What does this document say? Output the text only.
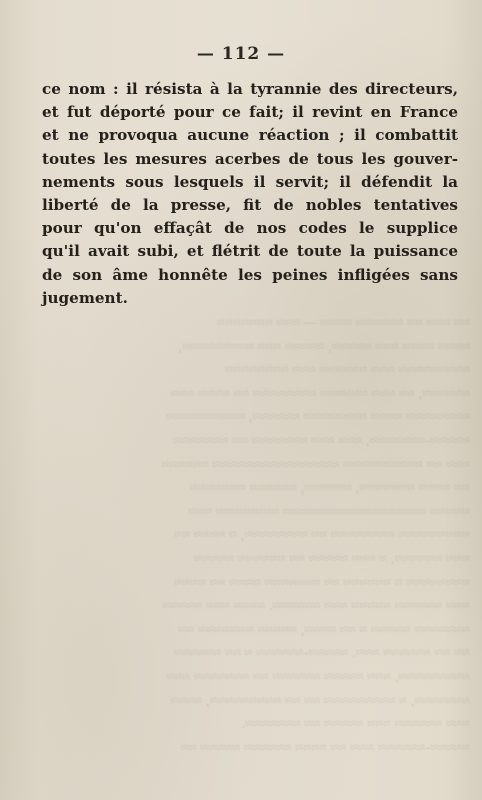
≈≈ ≈≈≈ ≈≈ ≈≈≈≈≈≈ ≈≈≈≈ — ≈≈≈ ≈≈≈≈≈≈≈
≈≈≈≈ ≈≈≈≈ ≈≈≈ ≈≈≈≈≈, ≈≈≈≈≈ ≈≈≈ ≈≈≈≈≈≈≈≈≈,
≈≈≈≈≈≈≈≈≈ ≈≈≈ ≈≈≈≈≈≈ ≈≈≈ ≈≈≈≈≈≈≈≈
≈≈≈≈≈≈, ≈≈ ≈≈≈ ≈≈≈≈≈≈ ≈≈≈≈≈≈≈≈ ≈≈ ≈≈≈≈ ≈≈≈
≈≈≈≈≈≈≈≈ ≈≈≈≈ ≈≈≈≈≈≈≈≈ ≈≈≈≈≈≈, ≈≈≈≈≈≈≈≈≈≈
≈≈≈≈≈-≈≈≈≈≈≈≈, ≈≈≈ ≈≈≈ ≈≈≈≈≈≈≈ ≈≈ ≈≈≈≈≈≈≈
≈≈≈ ≈≈ ≈≈≈≈≈≈≈≈≈≈ ≈≈≈≈≈≈≈≈≈≈≈≈≈≈≈≈ ≈≈≈≈≈≈
≈≈ ≈≈≈≈ ≈≈≈≈≈≈≈, ≈≈≈≈≈≈, ≈≈≈≈≈≈ ≈≈≈≈≈≈≈
≈≈≈≈≈ ≈≈≈≈≈≈≈≈≈≈≈≈≈≈≈≈≈≈ ≈≈≈≈≈≈≈≈ ≈≈≈
≈≈≈≈≈≈≈≈≈ ≈≈≈≈≈≈≈≈ ≈≈ ≈≈≈≈≈≈≈≈, ≈ ≈≈≈≈ ≈≈
≈≈≈ ≈≈≈≈≈≈, ≈ ≈≈≈ ≈≈≈≈≈ ≈≈ ≈≈≈≈≈≈ ≈≈≈≈≈
≈≈≈≈≈≈≈≈ ≈ ≈≈≈≈≈≈ ≈≈ ≈≈≈≈≈≈≈ ≈≈≈≈ ≈≈ ≈≈≈≈
≈≈≈ ≈≈≈≈≈≈ ≈≈≈≈≈ ≈≈≈ ≈≈≈≈≈≈. ≈≈≈≈ ≈≈≈ ≈≈≈≈≈
≈≈≈≈≈≈≈ ≈≈≈≈≈ ≈ ≈≈ ≈≈≈≈, ≈≈≈≈≈ ≈≈≈≈≈≈≈ ≈≈
≈≈ ≈≈ ≈≈≈≈≈≈ ≈≈≈. ≈≈≈≈≈-≈≈≈≈≈≈ ≈ ≈≈ ≈≈≈≈≈≈
≈≈≈≈≈≈≈≈≈, ≈≈≈ ≈≈≈≈≈ ≈≈≈≈≈≈ ≈≈ ≈≈≈≈≈≈≈ ≈≈≈
≈≈≈≈≈≈≈, ≈ ≈≈≈≈≈≈≈≈≈ ≈≈ ≈≈ ≈≈≈≈≈≈≈≈≈, ≈≈≈≈
≈≈≈ ≈≈≈≈≈≈ ≈≈≈ ≈≈≈≈≈ ≈≈ ≈≈≈≈≈≈≈.
≈≈≈≈≈-≈≈≈≈≈≈ ≈≈≈ ≈≈ ≈≈≈≈ ≈≈≈≈≈≈ ≈≈≈≈≈ ≈≈
— 112 —
ce nom : il résista à la tyrannie des directeurs,
et fut déporté pour ce fait; il revint en France
et ne provoqua aucune réaction ; il combattit
toutes les mesures acerbes de tous les gouver-
nements sous lesquels il servit; il défendit la
liberté de la presse, fit de nobles tentatives
pour qu'on effaçât de nos codes le supplice
qu'il avait subi, et flétrit de toute la puissance
de son âme honnête les peines infligées sans
jugement.
